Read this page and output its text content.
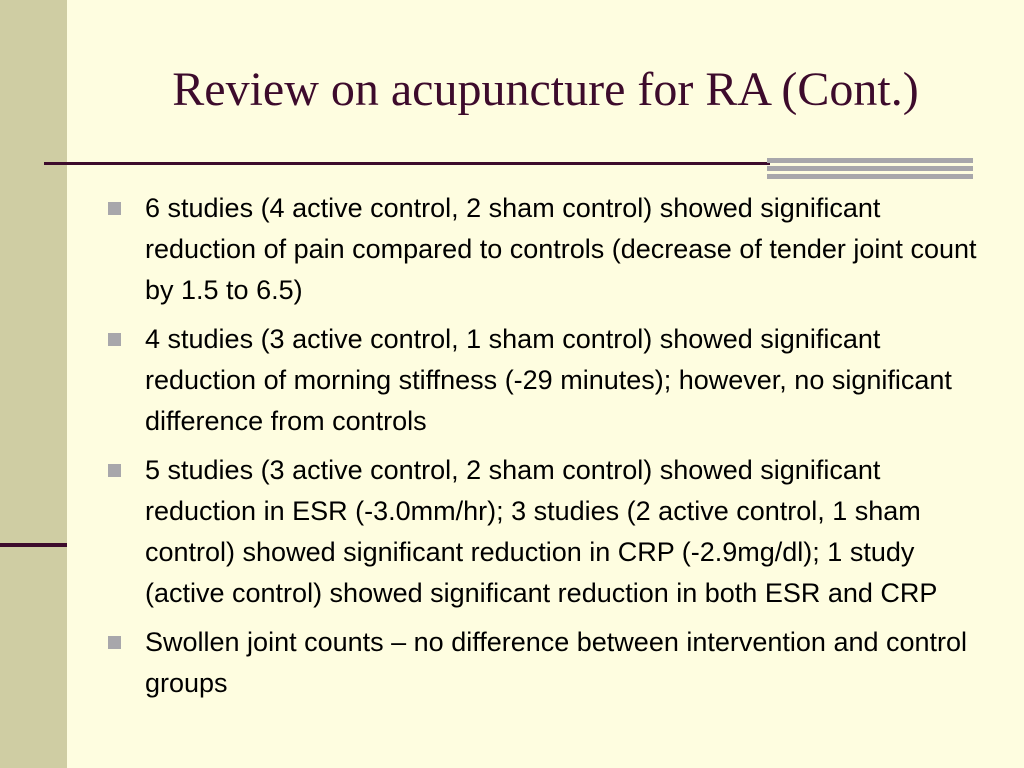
Review on acupuncture for RA (Cont.)
6 studies (4 active control, 2 sham control) showed significant reduction of pain compared to controls (decrease of tender joint count by 1.5 to 6.5)
4 studies (3 active control, 1 sham control) showed significant reduction of morning stiffness (-29 minutes); however, no significant difference from controls
5 studies (3 active control, 2 sham control) showed significant reduction in ESR (-3.0mm/hr); 3 studies (2 active control, 1 sham control) showed significant reduction in CRP (-2.9mg/dl); 1 study (active control) showed significant reduction in both ESR and CRP
Swollen joint counts – no difference between intervention and control groups
